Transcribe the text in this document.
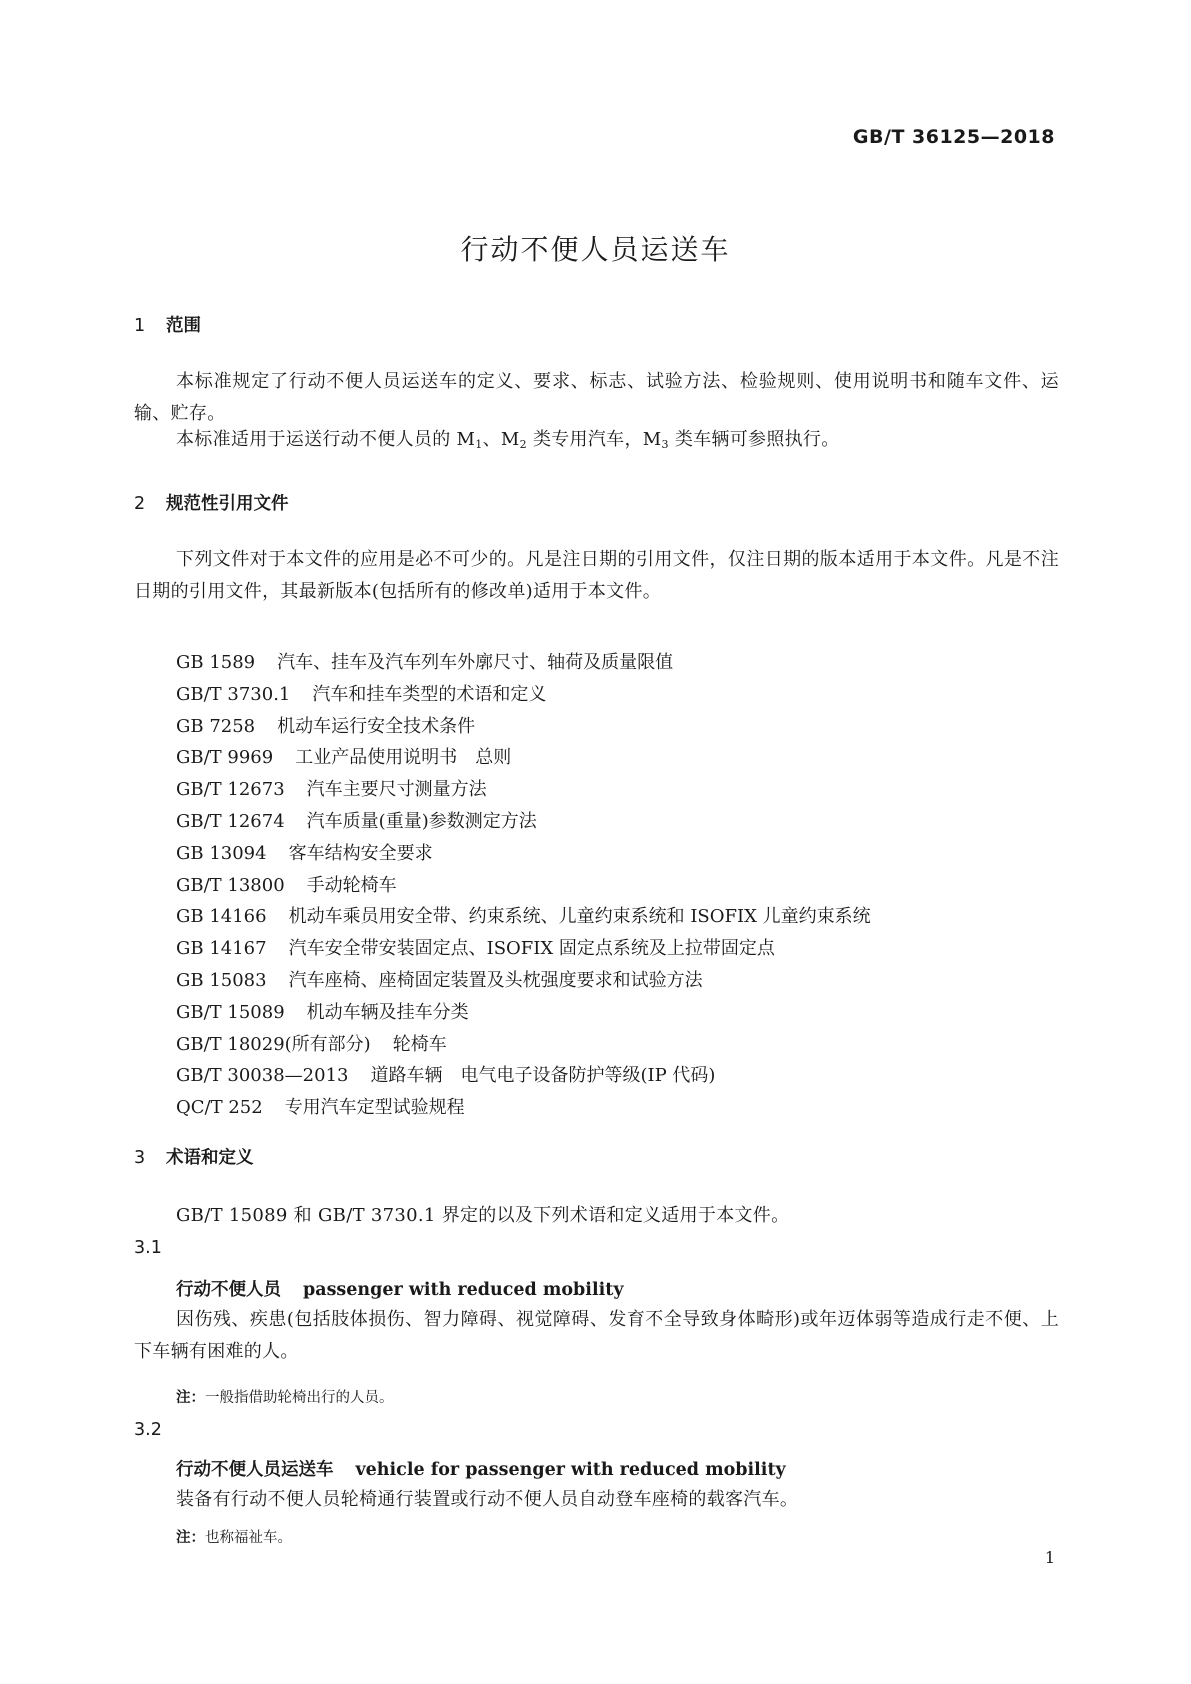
GB/T 36125—2018
行动不便人员运送车
1 范围
本标准规定了行动不便人员运送车的定义、要求、标志、试验方法、检验规则、使用说明书和随车文件、运输、贮存。
本标准适用于运送行动不便人员的 $M_1$、$M_2$ 类专用汽车，$M_3$ 类车辆可参照执行。
2 规范性引用文件
下列文件对于本文件的应用是必不可少的。凡是注日期的引用文件，仅注日期的版本适用于本文件。凡是不注日期的引用文件，其最新版本(包括所有的修改单)适用于本文件。
GB 1589 汽车、挂车及汽车列车外廓尺寸、轴荷及质量限值
GB/T 3730.1 汽车和挂车类型的术语和定义
GB 7258 机动车运行安全技术条件
GB/T 9969 工业产品使用说明书　总则
GB/T 12673 汽车主要尺寸测量方法
GB/T 12674 汽车质量(重量)参数测定方法
GB 13094 客车结构安全要求
GB/T 13800 手动轮椅车
GB 14166 机动车乘员用安全带、约束系统、儿童约束系统和 ISOFIX 儿童约束系统
GB 14167 汽车安全带安装固定点、ISOFIX 固定点系统及上拉带固定点
GB 15083 汽车座椅、座椅固定装置及头枕强度要求和试验方法
GB/T 15089 机动车辆及挂车分类
GB/T 18029(所有部分) 轮椅车
GB/T 30038—2013 道路车辆　电气电子设备防护等级(IP 代码)
QC/T 252 专用汽车定型试验规程
3 术语和定义
GB/T 15089 和 GB/T 3730.1 界定的以及下列术语和定义适用于本文件。
3.1
行动不便人员 passenger with reduced mobility
因伤残、疾患(包括肢体损伤、智力障碍、视觉障碍、发育不全导致身体畸形)或年迈体弱等造成行走不便、上下车辆有困难的人。
注：一般指借助轮椅出行的人员。
3.2
行动不便人员运送车 vehicle for passenger with reduced mobility
装备有行动不便人员轮椅通行装置或行动不便人员自动登车座椅的载客汽车。
注：也称福祉车。
1
